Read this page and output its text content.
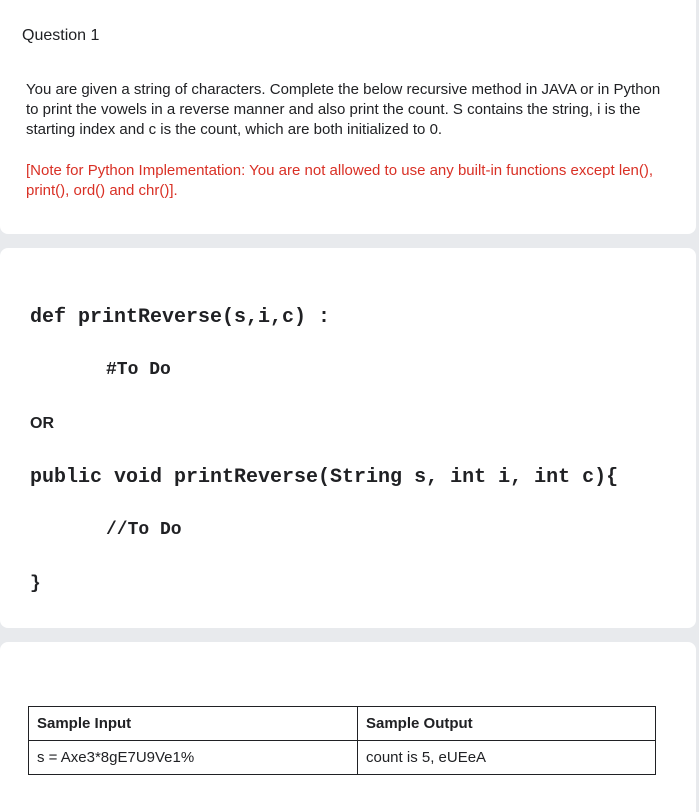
Question 1
You are given a string of characters. Complete the below recursive method in JAVA or in Python to print the vowels in a reverse manner and also print the count. S contains the string, i is the starting index and c is the count, which are both initialized to 0.
[Note for Python Implementation: You are not allowed to use any built-in functions except len(), print(), ord() and chr()].
def printReverse(s,i,c) :
#To Do
OR
public void printReverse(String s, int i, int c){
//To Do
}
Sample Input	Sample Output
s = Axe3*8gE7U9Ve1%	count is 5, eUEeA
